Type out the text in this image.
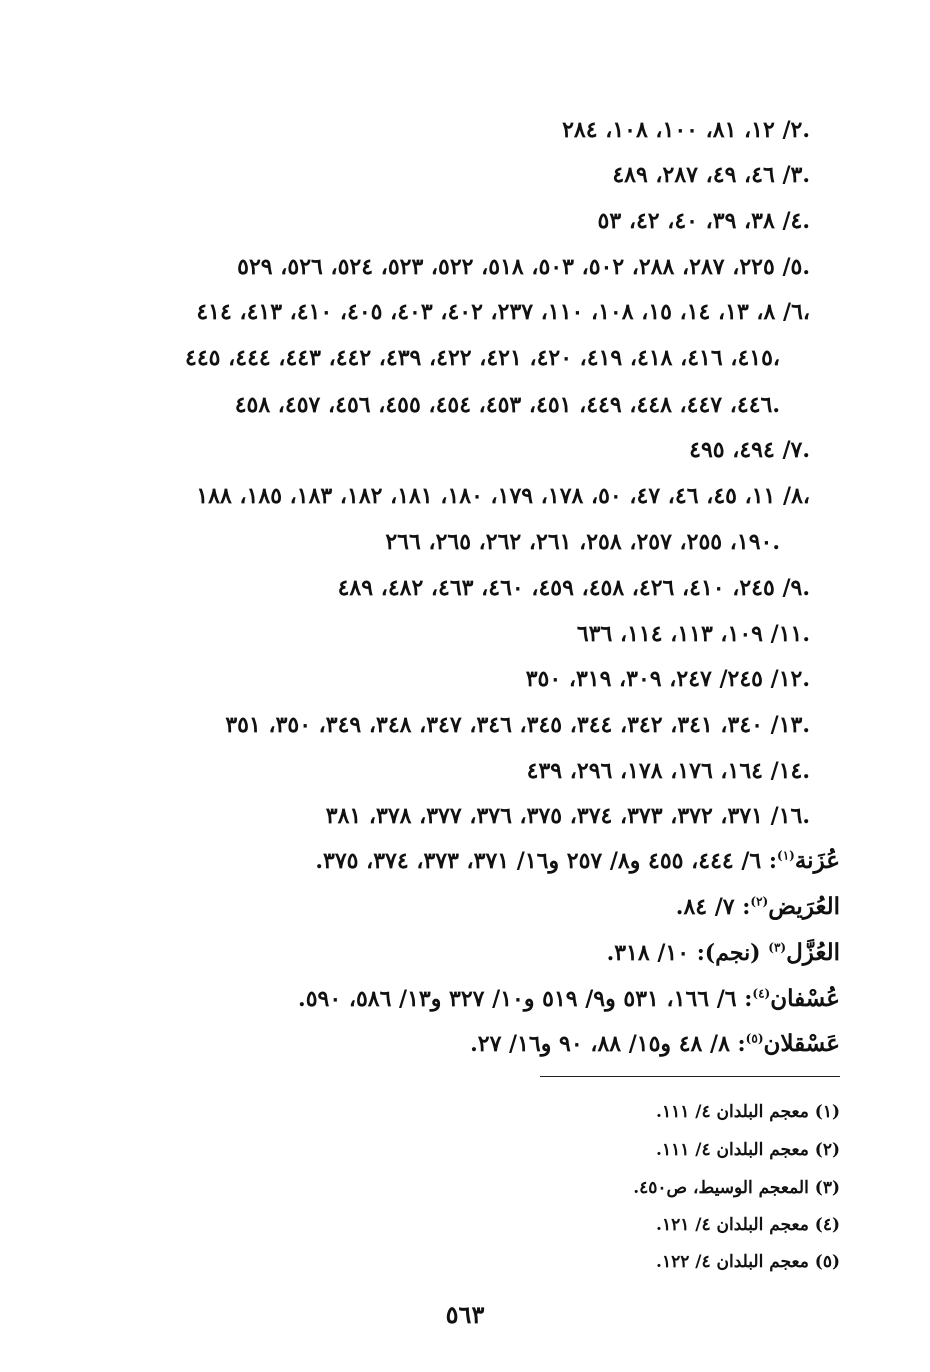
٢/ ١٢، ٨١، ١٠٠، ١٠٨، ٢٨٤.
٣/ ٤٦، ٤٩، ٢٨٧، ٤٨٩.
٤/ ٣٨، ٣٩، ٤٠، ٤٢، ٥٣.
٥/ ٢٢٥، ٢٨٧، ٢٨٨، ٥٠٢، ٥٠٣، ٥١٨، ٥٢٢، ٥٢٣، ٥٢٤، ٥٢٦، ٥٢٩.
٦/ ٨، ١٣، ١٤، ١٥، ١٠٨، ١١٠، ٢٣٧، ٤٠٢، ٤٠٣، ٤٠٥، ٤١٠، ٤١٣، ٤١٤،
٤١٥، ٤١٦، ٤١٨، ٤١٩، ٤٢٠، ٤٢١، ٤٢٢، ٤٣٩، ٤٤٢، ٤٤٣، ٤٤٤، ٤٤٥،
٤٤٦، ٤٤٧، ٤٤٨، ٤٤٩، ٤٥١، ٤٥٣، ٤٥٤، ٤٥٥، ٤٥٦، ٤٥٧، ٤٥٨.
٧/ ٤٩٤، ٤٩٥.
٨/ ١١، ٤٥، ٤٦، ٤٧، ٥٠، ١٧٨، ١٧٩، ١٨٠، ١٨١، ١٨٢، ١٨٣، ١٨٥، ١٨٨،
١٩٠، ٢٥٥، ٢٥٧، ٢٥٨، ٢٦١، ٢٦٢، ٢٦٥، ٢٦٦.
٩/ ٢٤٥، ٤١٠، ٤٢٦، ٤٥٨، ٤٥٩، ٤٦٠، ٤٦٣، ٤٨٢، ٤٨٩.
١١/ ١٠٩، ١١٣، ١١٤، ٦٣٦.
١٢/ ٢٤٥/ ٢٤٧، ٣٠٩، ٣١٩، ٣٥٠.
١٣/ ٣٤٠، ٣٤١، ٣٤٢، ٣٤٤، ٣٤٥، ٣٤٦، ٣٤٧، ٣٤٨، ٣٤٩، ٣٥٠، ٣٥١.
١٤/ ١٦٤، ١٧٦، ١٧٨، ٢٩٦، ٤٣٩.
١٦/ ٣٧١، ٣٧٢، ٣٧٣، ٣٧٤، ٣٧٥، ٣٧٦، ٣٧٧، ٣٧٨، ٣٨١.
عُزَنة$^{(١)}$: ٦/ ٤٤٤، ٤٥٥ و٨/ ٢٥٧ و١٦/ ٣٧١، ٣٧٣، ٣٧٤، ٣٧٥.
العُرَيض$^{(٢)}$: ٧/ ٨٤.
العُزَّل$^{(٣)}$ (نجم): ١٠/ ٣١٨.
عُسْفان$^{(٤)}$: ٦/ ١٦٦، ٥٣١ و٩/ ٥١٩ و١٠/ ٣٢٧ و١٣/ ٥٨٦، ٥٩٠.
عَسْقلان$^{(٥)}$: ٨/ ٤٨ و١٥/ ٨٨، ٩٠ و١٦/ ٢٧.
(١) معجم البلدان ٤/ ١١١.
(٢) معجم البلدان ٤/ ١١١.
(٣) المعجم الوسيط، ص٤٥٠.
(٤) معجم البلدان ٤/ ١٢١.
(٥) معجم البلدان ٤/ ١٢٢.
٥٦٣
